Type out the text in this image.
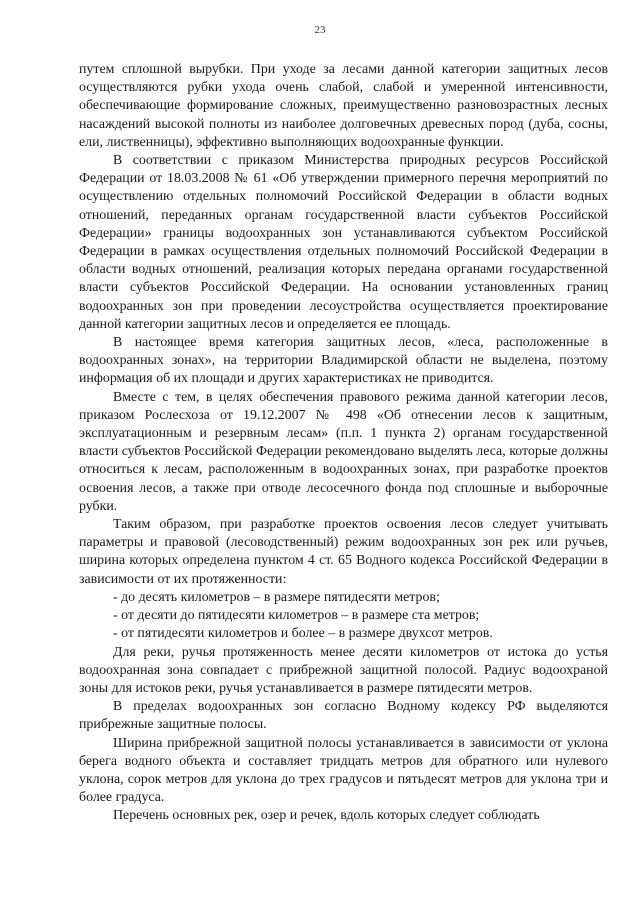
23

путем сплошной вырубки. При уходе за лесами данной категории защитных лесов осуществляются рубки ухода очень слабой, слабой и умеренной интенсивности, обеспечивающие формирование сложных, преимущественно разновозрастных лесных насаждений высокой полноты из наиболее долговечных древесных пород (дуба, сосны, ели, лиственницы), эффективно выполняющих водоохранные функции.

В соответствии с приказом Министерства природных ресурсов Российской Федерации от 18.03.2008 № 61 «Об утверждении примерного перечня мероприятий по осуществлению отдельных полномочий Российской Федерации в области водных отношений, переданных органам государственной власти субъектов Российской Федерации» границы водоохранных зон устанавливаются субъектом Российской Федерации в рамках осуществления отдельных полномочий Российской Федерации в области водных отношений, реализация которых передана органами государственной власти субъектов Российской Федерации. На основании установленных границ водоохранных зон при проведении лесоустройства осуществляется проектирование данной категории защитных лесов и определяется ее площадь.

В настоящее время категория защитных лесов, «леса, расположенные в водоохранных зонах», на территории Владимирской области не выделена, поэтому информация об их площади и других характеристиках не приводится.

Вместе с тем, в целях обеспечения правового режима данной категории лесов, приказом Рослесхоза от 19.12.2007 № 498 «Об отнесении лесов к защитным, эксплуатационным и резервным лесам» (п.п. 1 пункта 2) органам государственной власти субъектов Российской Федерации рекомендовано выделять леса, которые должны относиться к лесам, расположенным в водоохранных зонах, при разработке проектов освоения лесов, а также при отводе лесосечного фонда под сплошные и выборочные рубки.

Таким образом, при разработке проектов освоения лесов следует учитывать параметры и правовой (лесоводственный) режим водоохранных зон рек или ручьев, ширина которых определена пунктом 4 ст. 65 Водного кодекса Российской Федерации в зависимости от их протяженности:

- до десять километров – в размере пятидесяти метров;

- от десяти до пятидесяти километров – в размере ста метров;

- от пятидесяти километров и более – в размере двухсот метров.

Для реки, ручья протяженность менее десяти километров от истока до устья водоохранная зона совпадает с прибрежной защитной полосой. Радиус водоохраной зоны для истоков реки, ручья устанавливается в размере пятидесяти метров.

В пределах водоохранных зон согласно Водному кодексу РФ выделяются прибрежные защитные полосы.

Ширина прибрежной защитной полосы устанавливается в зависимости от уклона берега водного объекта и составляет тридцать метров для обратного или нулевого уклона, сорок метров для уклона до трех градусов и пятьдесят метров для уклона три и более градуса.

Перечень основных рек, озер и речек, вдоль которых следует соблюдать
